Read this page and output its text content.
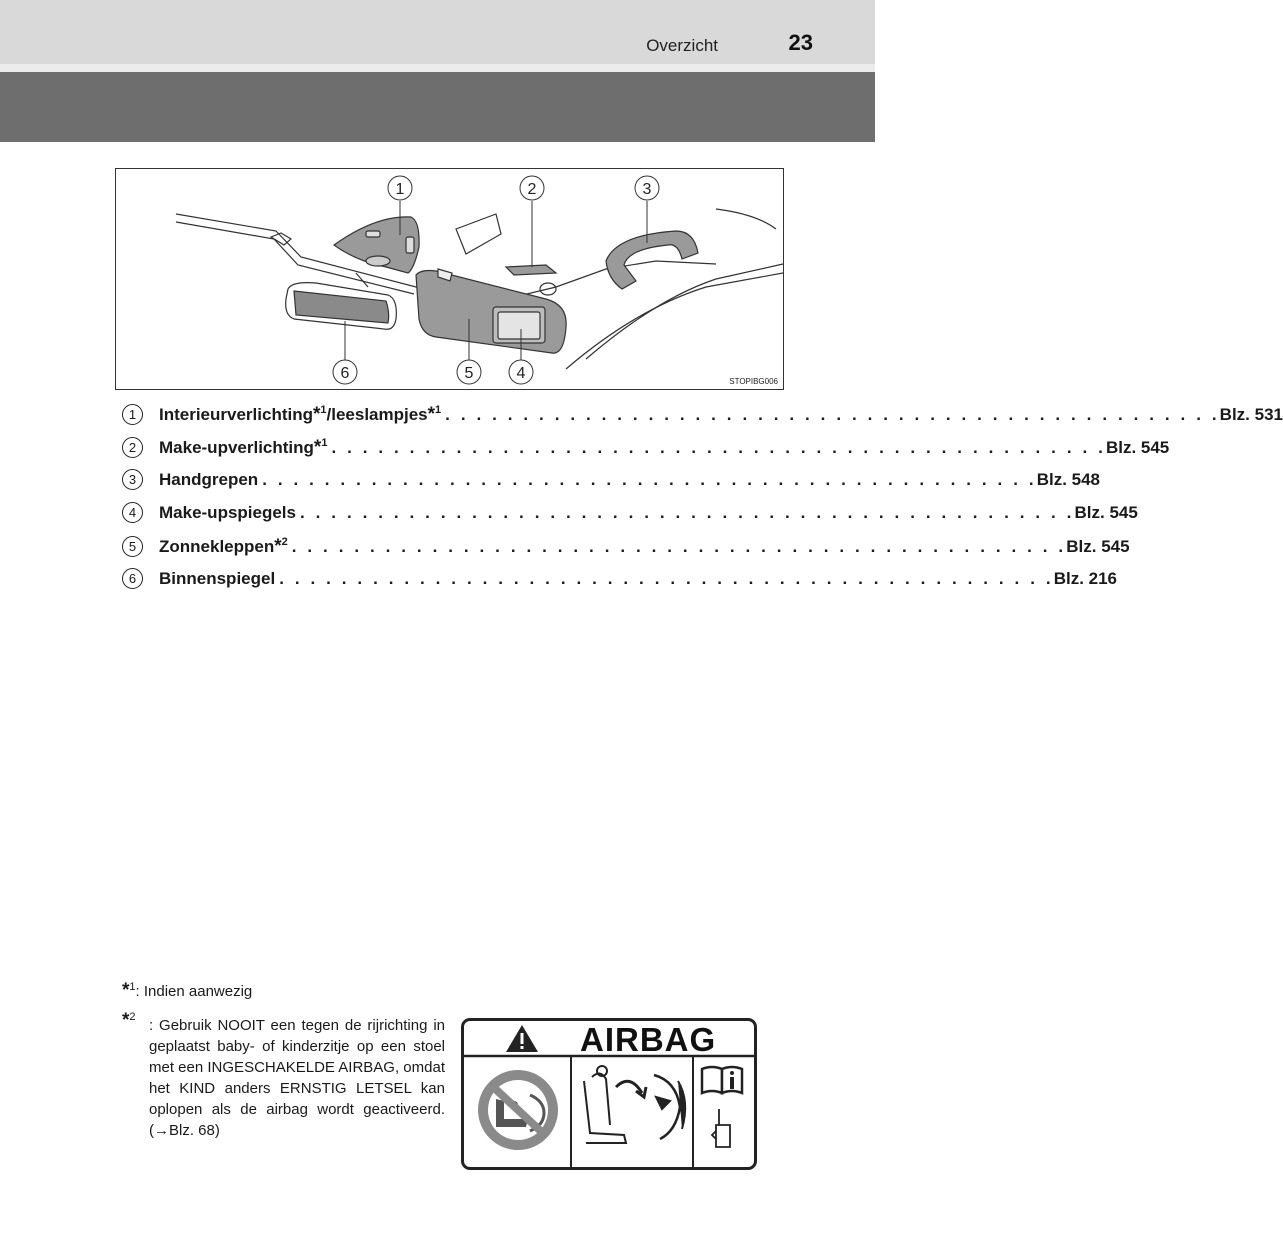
Overzicht	23
1	2	3
4
5
6	STOPIBG006
1	Interieurverlichting*$^1$/leeslampjes*$^1$ . . . . . . . . . . . . . . . . . . . . . . . . . . . . . . . . . . . . . . . . . . . . . . . . . . Blz. 531
2	Make-upverlichting*$^1$ . . . . . . . . . . . . . . . . . . . . . . . . . . . . . . . . . . . . . . . . . . . . . . . . . . Blz. 545
3	Handgrepen . . . . . . . . . . . . . . . . . . . . . . . . . . . . . . . . . . . . . . . . . . . . . . . . . . Blz. 548
4	Make-upspiegels . . . . . . . . . . . . . . . . . . . . . . . . . . . . . . . . . . . . . . . . . . . . . . . . . . Blz. 545
5	Zonnekleppen*$^2$ . . . . . . . . . . . . . . . . . . . . . . . . . . . . . . . . . . . . . . . . . . . . . . . . . . Blz. 545
6	Binnenspiegel . . . . . . . . . . . . . . . . . . . . . . . . . . . . . . . . . . . . . . . . . . . . . . . . . . Blz. 216
*$^1$: Indien aanwezig
*$^2$ : Gebruik NOOIT een tegen de rijrichting in geplaatst baby- of kinderzitje op een stoel met een INGESCHAKELDE AIRBAG, omdat het KIND anders ERNSTIG LETSEL kan oplopen als de airbag wordt geactiveerd. (→Blz. 68)
AIRBAG
